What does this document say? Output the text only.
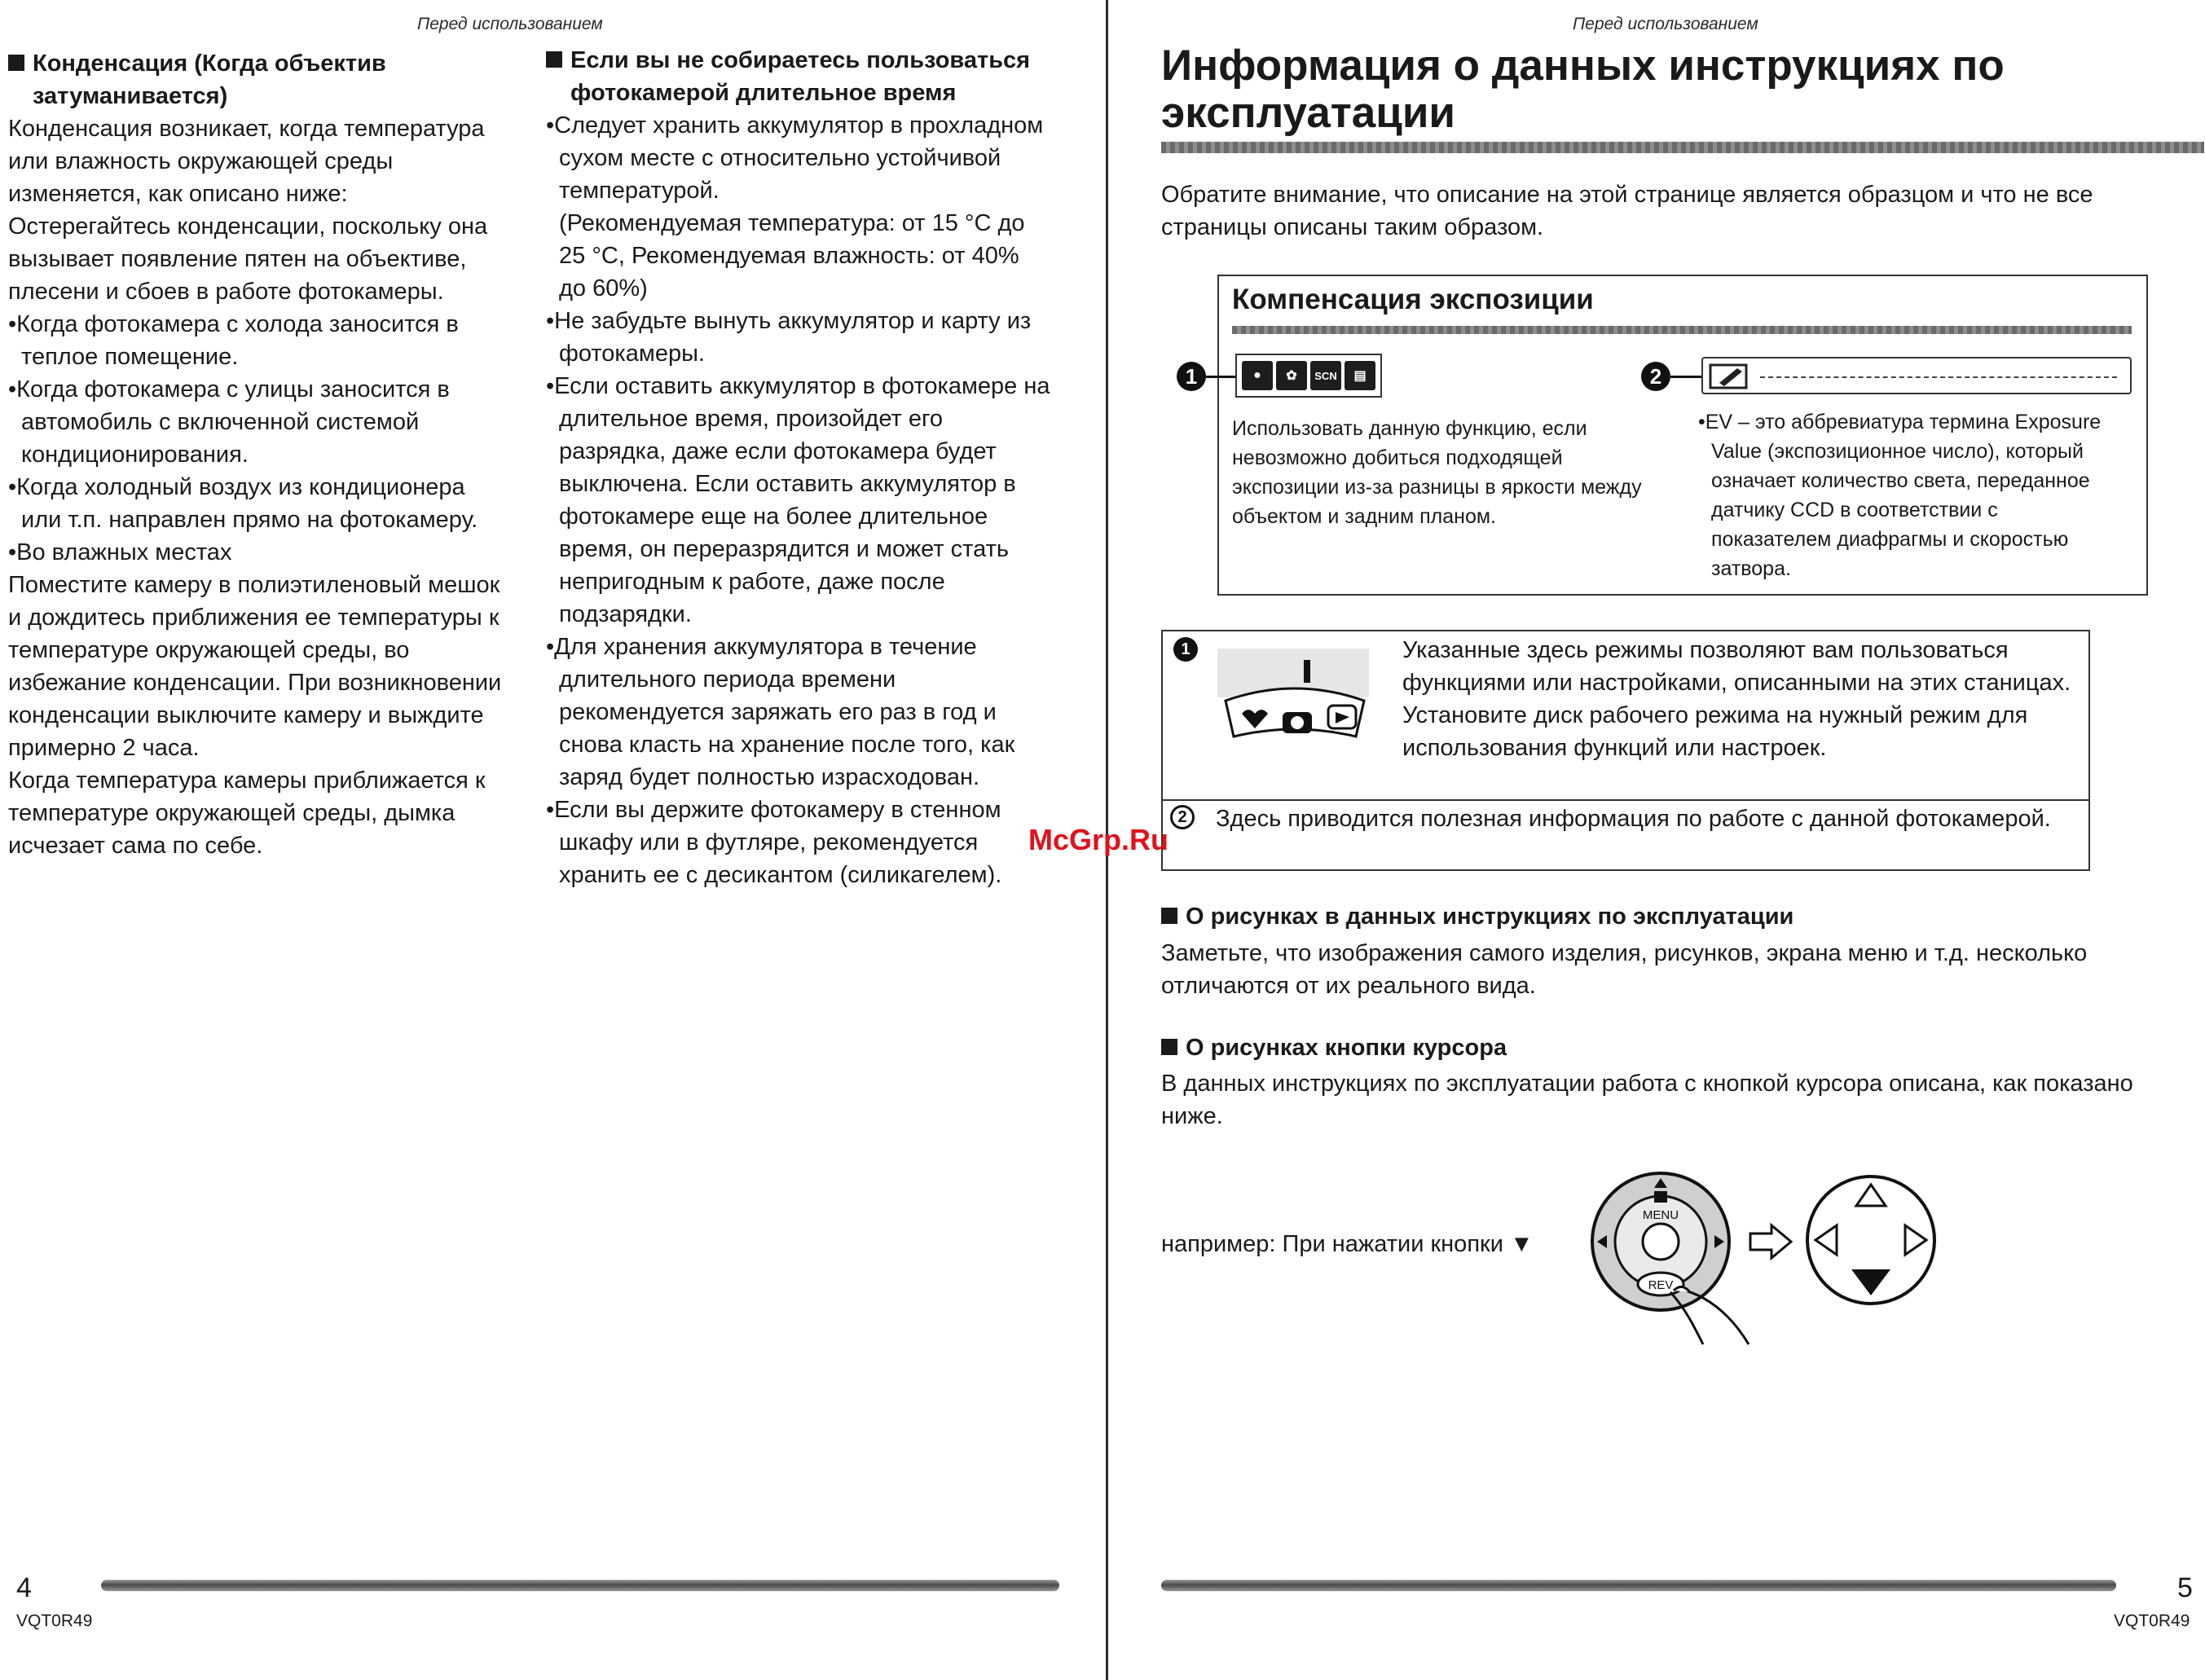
Перед использованием
Конденсация (Когда объектив затуманивается)

Конденсация возникает, когда температура или влажность окружающей среды изменяется, как описано ниже:

Остерегайтесь конденсации, поскольку она вызывает появление пятен на объективе, плесени и сбоев в работе фотокамеры.

•Когда фотокамера с холода заносится в теплое помещение.

•Когда фотокамера с улицы заносится в автомобиль с включенной системой кондиционирования.

•Когда холодный воздух из кондиционера или т.п. направлен прямо на фотокамеру.

•Во влажных местах

Поместите камеру в полиэтиленовый мешок и дождитесь приближения ее температуры к температуре окружающей среды, во избежание конденсации. При возникновении конденсации выключите камеру и выждите примерно 2 часа.

Когда температура камеры приближается к температуре окружающей среды, дымка исчезает сама по себе.

Если вы не собираетесь пользоваться фотокамерой длительное время

•Следует хранить аккумулятор в прохладном сухом месте с относительно устойчивой температурой.

(Рекомендуемая температура: от 15 °С до 25 °С, Рекомендуемая влажность: от 40% до 60%)

•Не забудьте вынуть аккумулятор и карту из фотокамеры.

•Если оставить аккумулятор в фотокамере на длительное время, произойдет его разрядка, даже если фотокамера будет выключена. Если оставить аккумулятор в фотокамере еще на более длительное время, он переразрядится и может стать непригодным к работе, даже после подзарядки.

•Для хранения аккумулятора в течение длительного периода времени рекомендуется заряжать его раз в год и снова класть на хранение после того, как заряд будет полностью израсходован.

•Если вы держите фотокамеру в стенном шкафу или в футляре, рекомендуется хранить ее с десикантом (силикагелем).

4
VQT0R49
Перед использованием
Информация о данных инструкциях по
эксплуатации
Обратите внимание, что описание на этой странице является образцом и что не все страницы описаны таким образом.
Компенсация экспозиции
1	●	✿	SCN	▤	2
Использовать данную функцию, если невозможно добиться подходящей экспозиции из-за разницы в яркости между объектом и задним планом.
•EV – это аббревиатура термина Exposure Value (экспозиционное число), который означает количество света, переданное датчику CCD в соответствии с показателем диафрагмы и скоростью затвора.
1	Указанные здесь режимы позволяют вам пользоваться функциями или настройками, описанными на этих станицах. Установите диск рабочего режима на нужный режим для использования функций или настроек.
2	Здесь приводится полезная информация по работе с данной фотокамерой.
О рисунках в данных инструкциях по эксплуатации
Заметьте, что изображения самого изделия, рисунков, экрана меню и т.д. несколько отличаются от их реального вида.
О рисунках кнопки курсора
В данных инструкциях по эксплуатации работа с кнопкой курсора описана, как показано ниже.
например: При нажатии кнопки ▼
MENU
REV
5
VQT0R49
McGrp.Ru
